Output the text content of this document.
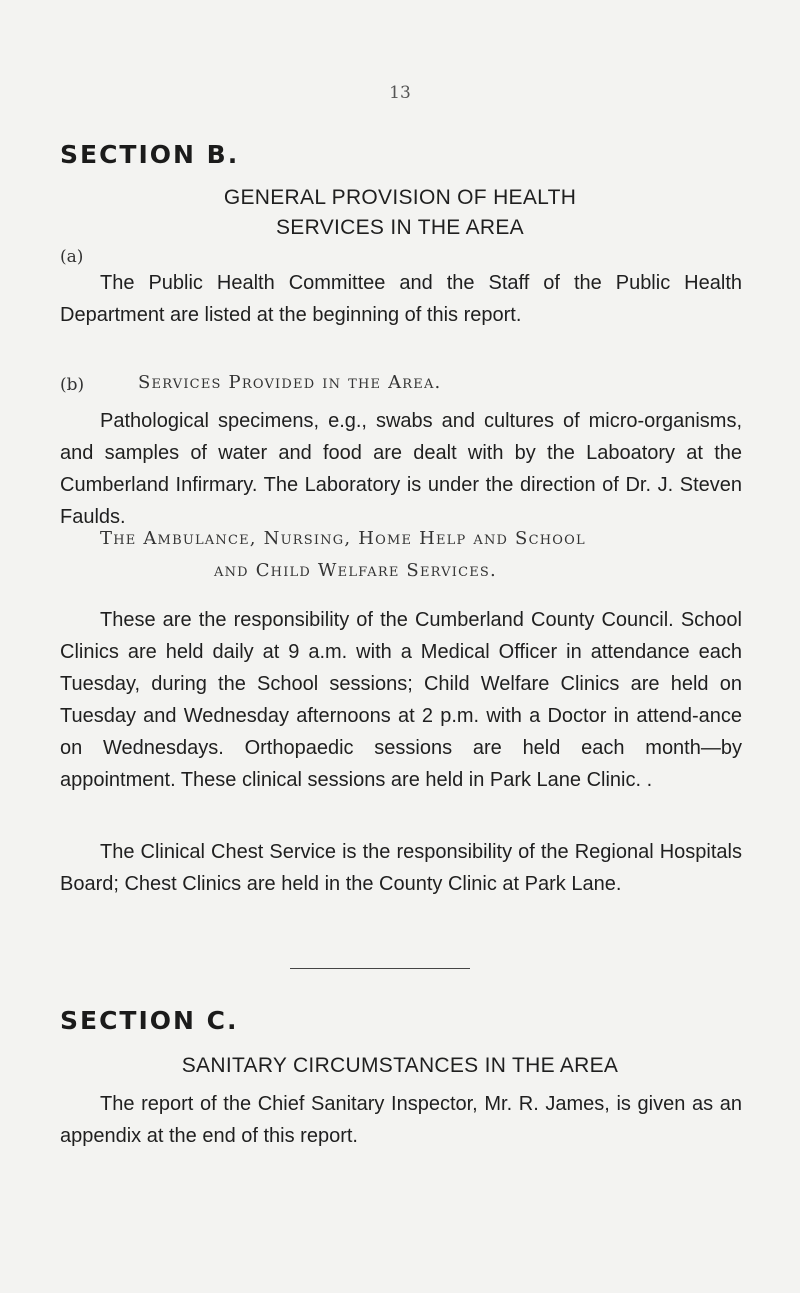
13
SECTION B.
GENERAL PROVISION OF HEALTH
SERVICES IN THE AREA
(a)

The Public Health Committee and the Staff of the Public Health Department are listed at the beginning of this report.

(b)	Services Provided in the Area.

Pathological specimens, e.g., swabs and cultures of micro-organisms, and samples of water and food are dealt with by the Laboatory at the Cumberland Infirmary. The Laboratory is under the direction of Dr. J. Steven Faulds.

The Ambulance, Nursing, Home Help and School
and Child Welfare Services.

These are the responsibility of the Cumberland County Council. School Clinics are held daily at 9 a.m. with a Medical Officer in attendance each Tuesday, during the School sessions; Child Welfare Clinics are held on Tuesday and Wednesday afternoons at 2 p.m. with a Doctor in attend-ance on Wednesdays. Orthopaedic sessions are held each month—by appointment. These clinical sessions are held in Park Lane Clinic. .

The Clinical Chest Service is the responsibility of the Regional Hospitals Board; Chest Clinics are held in the County Clinic at Park Lane.

SECTION C.
SANITARY CIRCUMSTANCES IN THE AREA

The report of the Chief Sanitary Inspector, Mr. R. James, is given as an appendix at the end of this report.
